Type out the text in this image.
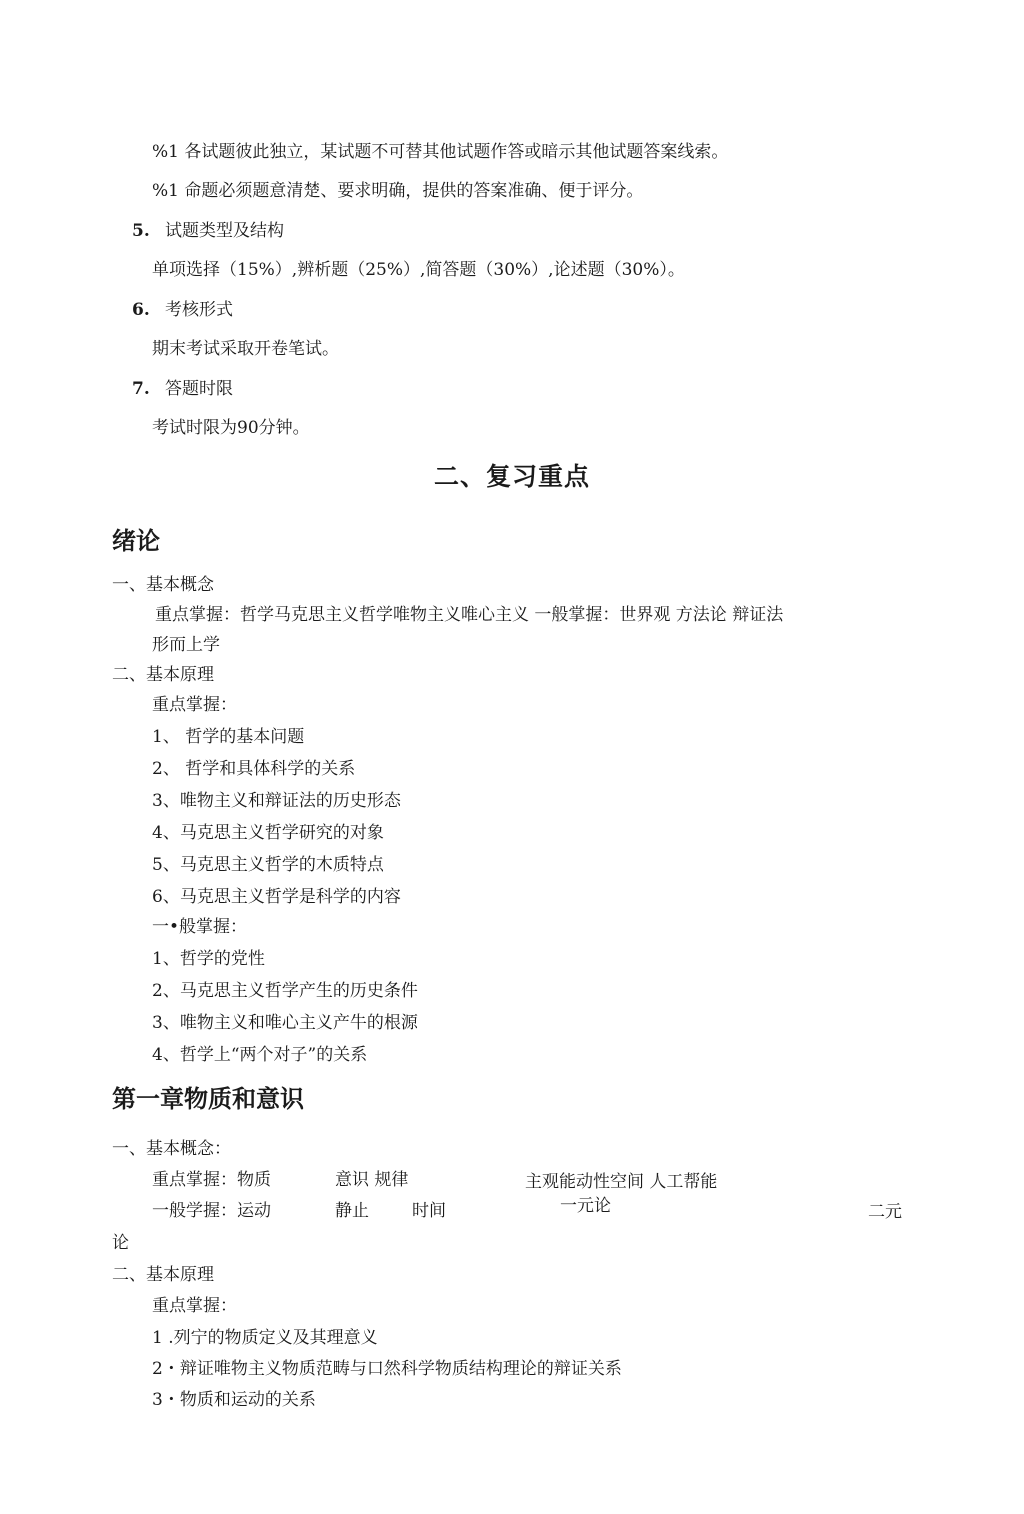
%1 各试题彼此独立，某试题不可替其他试题作答或暗示其他试题答案线索。
%1 命题必须题意清楚、要求明确，提供的答案准确、便于评分。
5. 试题类型及结构
单项选择（15%）,辨析题（25%）,简答题（30%）,论述题（30%）。
6. 考核形式
期末考试采取开卷笔试。
7. 答题时限
考试时限为90分钟。
二、复习重点
绪论
一、基本概念
重点掌握：哲学马克思主义哲学唯物主义唯心主义 一般掌握：世界观 方法论 辩证法
形而上学
二、基本原理
重点掌握：
1、 哲学的基本问题
2、 哲学和具体科学的关系
3、唯物主义和辩证法的历史形态
4、马克思主义哲学研究的对象
5、马克思主义哲学的木质特点
6、马克思主义哲学是科学的内容
一•般掌握：
1、哲学的党性
2、马克思主义哲学产生的历史条件
3、唯物主义和唯心主义产牛的根源
4、哲学上“两个对子”的关系
第一章物质和意识
一、基本概念：
重点掌握：物质	意识 规律	主观能动性空间 人工帮能
一般学握：运动	静止	时间	一元论	二元
论
二、基本原理
重点掌握：
1 .列宁的物质定义及其理意义
2・辩证唯物主义物质范畴与口然科学物质结构理论的辩证关系
3・物质和运动的关系
